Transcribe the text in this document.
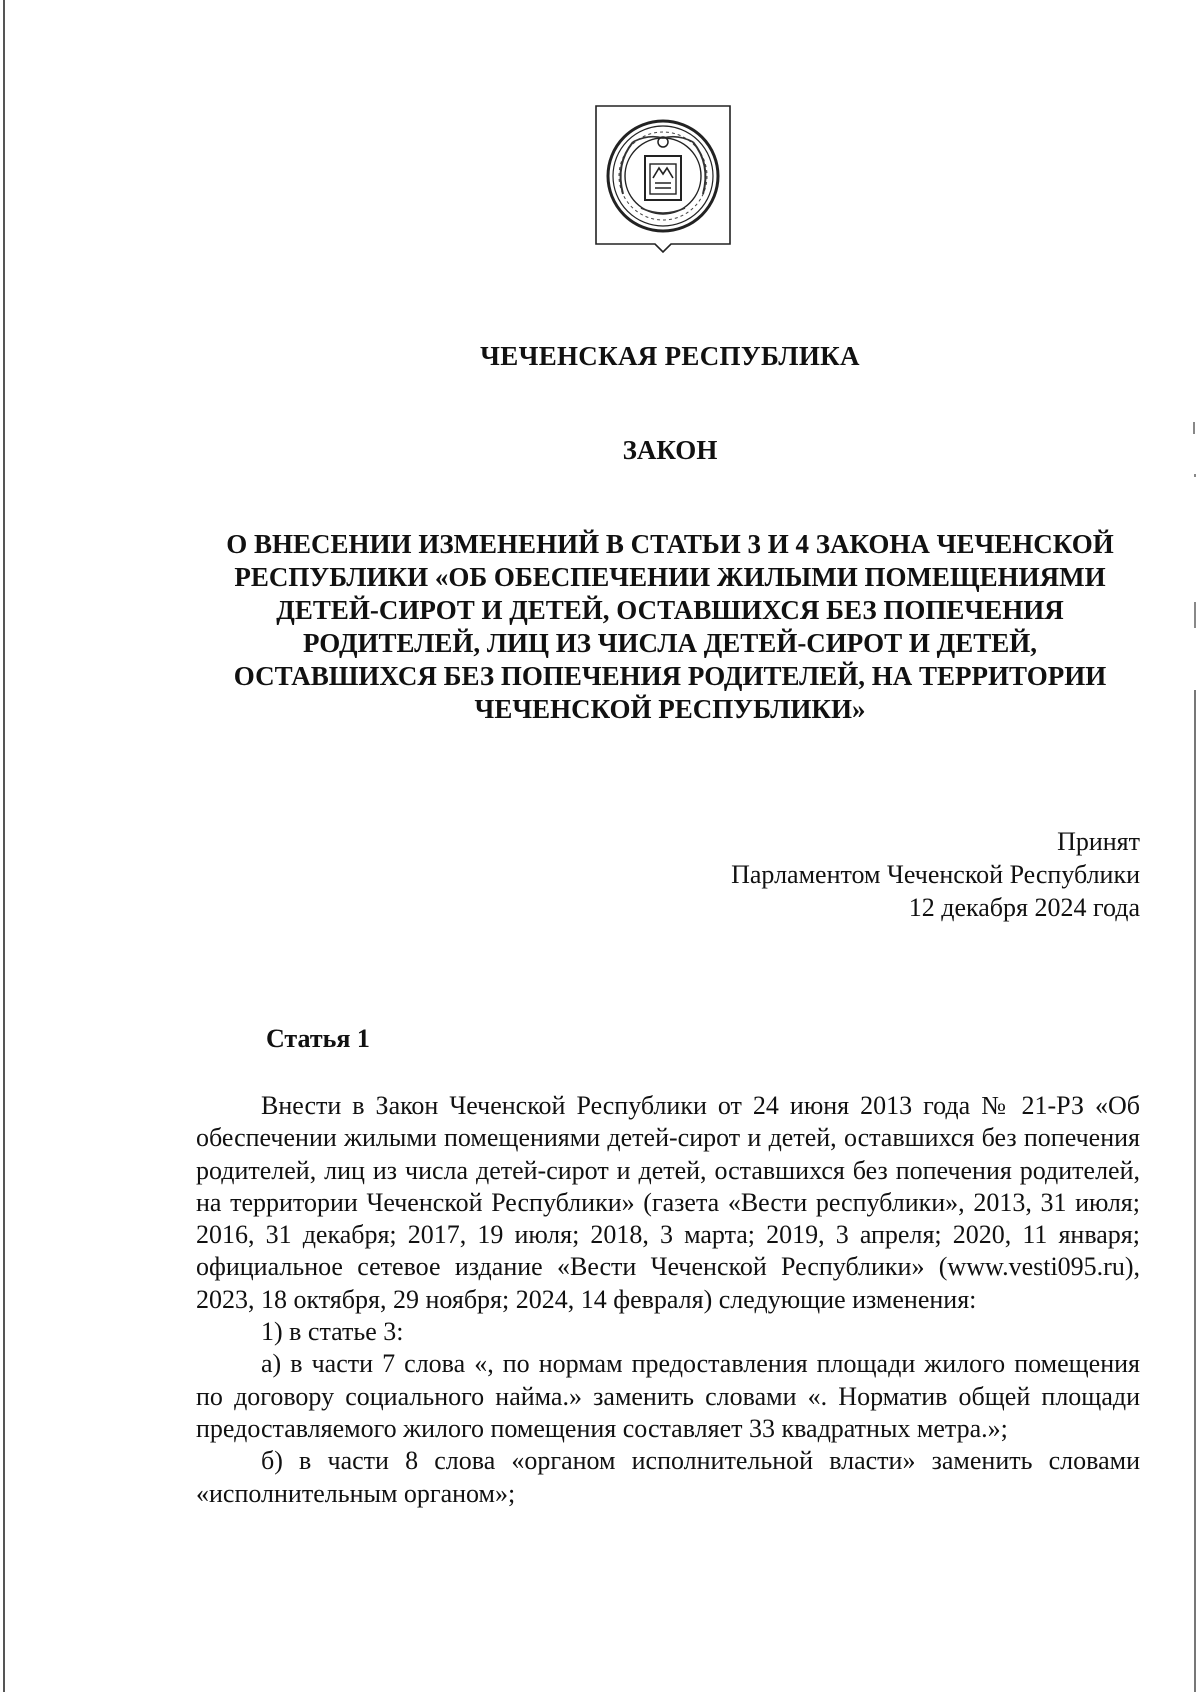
ЧЕЧЕНСКАЯ РЕСПУБЛИКА
ЗАКОН
О ВНЕСЕНИИ ИЗМЕНЕНИЙ В СТАТЬИ 3 И 4 ЗАКОНА ЧЕЧЕНСКОЙ
РЕСПУБЛИКИ «ОБ ОБЕСПЕЧЕНИИ ЖИЛЫМИ ПОМЕЩЕНИЯМИ
ДЕТЕЙ-СИРОТ И ДЕТЕЙ, ОСТАВШИХСЯ БЕЗ ПОПЕЧЕНИЯ
РОДИТЕЛЕЙ, ЛИЦ ИЗ ЧИСЛА ДЕТЕЙ-СИРОТ И ДЕТЕЙ,
ОСТАВШИХСЯ БЕЗ ПОПЕЧЕНИЯ РОДИТЕЛЕЙ, НА ТЕРРИТОРИИ
ЧЕЧЕНСКОЙ РЕСПУБЛИКИ»
Принят
Парламентом Чеченской Республики
12 декабря 2024 года
Статья 1

Внести в Закон Чеченской Республики от 24 июня 2013 года № 21-РЗ «Об обеспечении жилыми помещениями детей-сирот и детей, оставшихся без попечения родителей, лиц из числа детей-сирот и детей, оставшихся без попечения родителей, на территории Чеченской Республики» (газета «Вести республики», 2013, 31 июля; 2016, 31 декабря; 2017, 19 июля; 2018, 3 марта; 2019, 3 апреля; 2020, 11 января; официальное сетевое издание «Вести Чеченской Республики» (www.vesti095.ru), 2023, 18 октября, 29 ноября; 2024, 14 февраля) следующие изменения:

1) в статье 3:

а) в части 7 слова «, по нормам предоставления площади жилого помещения по договору социального найма.» заменить словами «. Норматив общей площади предоставляемого жилого помещения составляет 33 квадратных метра.»;

б) в части 8 слова «органом исполнительной власти» заменить словами «исполнительным органом»;
